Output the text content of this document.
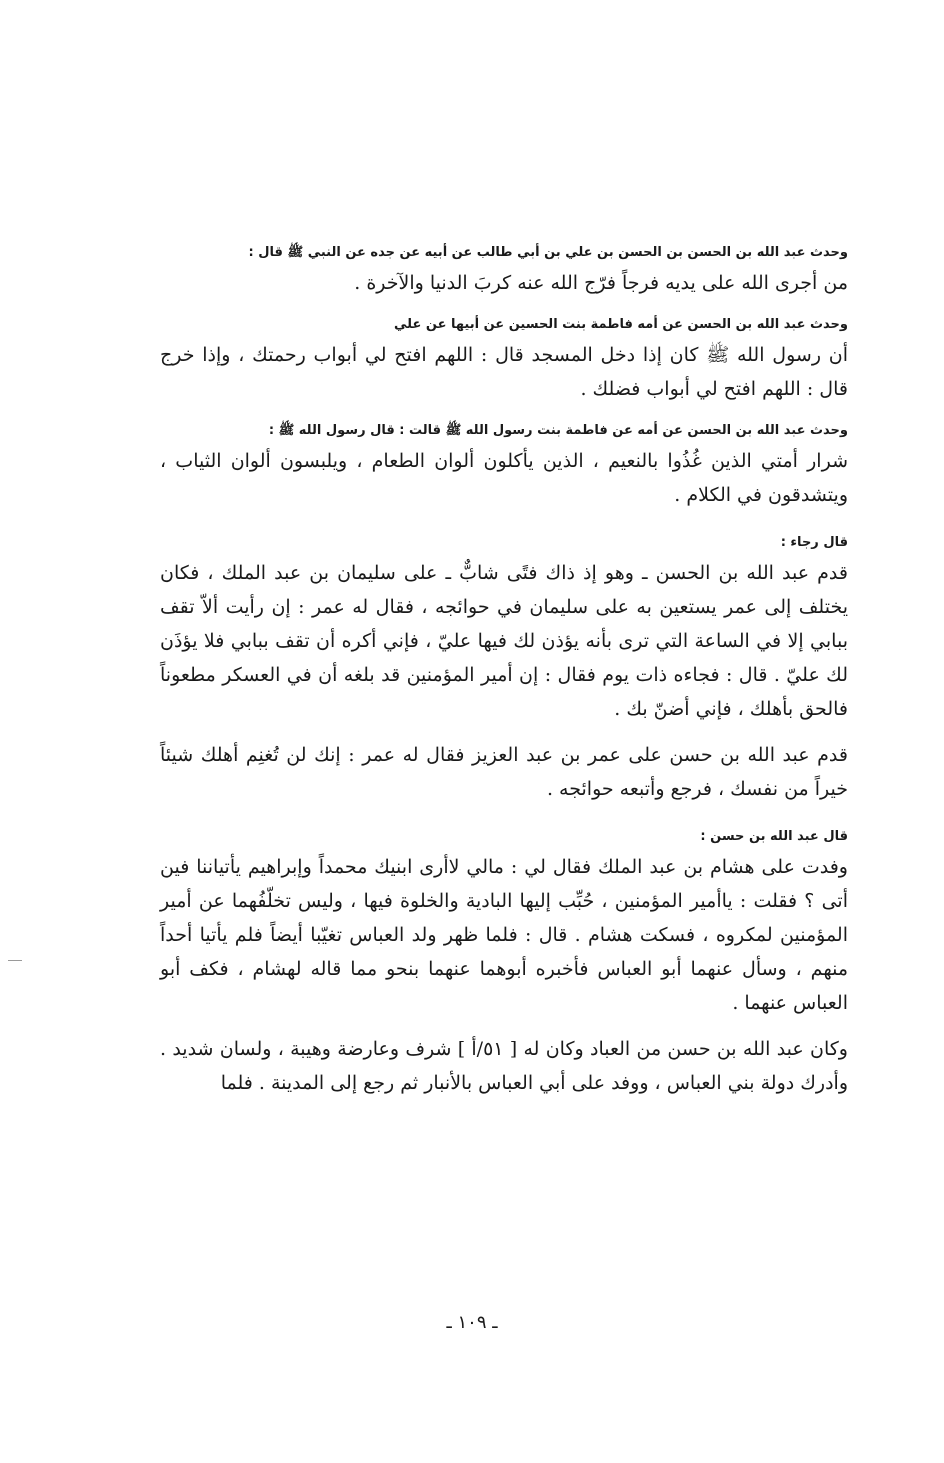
وحدث عبد الله بن الحسن بن الحسن بن علي بن أبي طالب عن أبيه عن جده عن النبي ﷺ قال :

من أجرى الله على يديه فرجاً فرّج الله عنه كربَ الدنيا والآخرة .

وحدث عبد الله بن الحسن عن أمه فاطمة بنت الحسين عن أبيها عن علي

أن رسول الله ﷺ كان إذا دخل المسجد قال : اللهم افتح لي أبواب رحمتك ، وإذا خرج قال : اللهم افتح لي أبواب فضلك .

وحدث عبد الله بن الحسن عن أمه عن فاطمة بنت رسول الله ﷺ قالت : قال رسول الله ﷺ :

شرار أمتي الذين غُذُوا بالنعيم ، الذين يأكلون ألوان الطعام ، ويلبسون ألوان الثياب ، ويتشدقون في الكلام .

قال رجاء :

قدم عبد الله بن الحسن ـ وهو إذ ذاك فتًى شابٌّ ـ على سليمان بن عبد الملك ، فكان يختلف إلى عمر يستعين به على سليمان في حوائجه ، فقال له عمر : إن رأيت ألاّ تقف ببابي إلا في الساعة التي ترى بأنه يؤذن لك فيها عليّ ، فإني أكره أن تقف ببابي فلا يؤذَن لك عليّ . قال : فجاءه ذات يوم فقال : إن أمير المؤمنين قد بلغه أن في العسكر مطعوناً فالحق بأهلك ، فإني أضنّ بك .

قدم عبد الله بن حسن على عمر بن عبد العزيز فقال له عمر : إنك لن تُغنِم أهلك شيئاً خيراً من نفسك ، فرجع وأتبعه حوائجه .

قال عبد الله بن حسن :

وفدت على هشام بن عبد الملك فقال لي : مالي لاأرى ابنيك محمداً وإبراهيم يأتياننا فين أتى ؟ فقلت : ياأمير المؤمنين ، حُبِّب إليها البادية والخلوة فيها ، وليس تخلّفُهما عن أمير المؤمنين لمكروه ، فسكت هشام . قال : فلما ظهر ولد العباس تغيّبا أيضاً فلم يأتيا أحداً منهم ، وسأل عنهما أبو العباس فأخبره أبوهما عنهما بنحو مما قاله لهشام ، فكف أبو العباس عنهما .

وكان عبد الله بن حسن من العباد وكان له [ ٥١/أ ] شرف وعارضة وهيبة ، ولسان شديد . وأدرك دولة بني العباس ، ووفد على أبي العباس بالأنبار ثم رجع إلى المدينة . فلما

ـ ١٠٩ ـ
